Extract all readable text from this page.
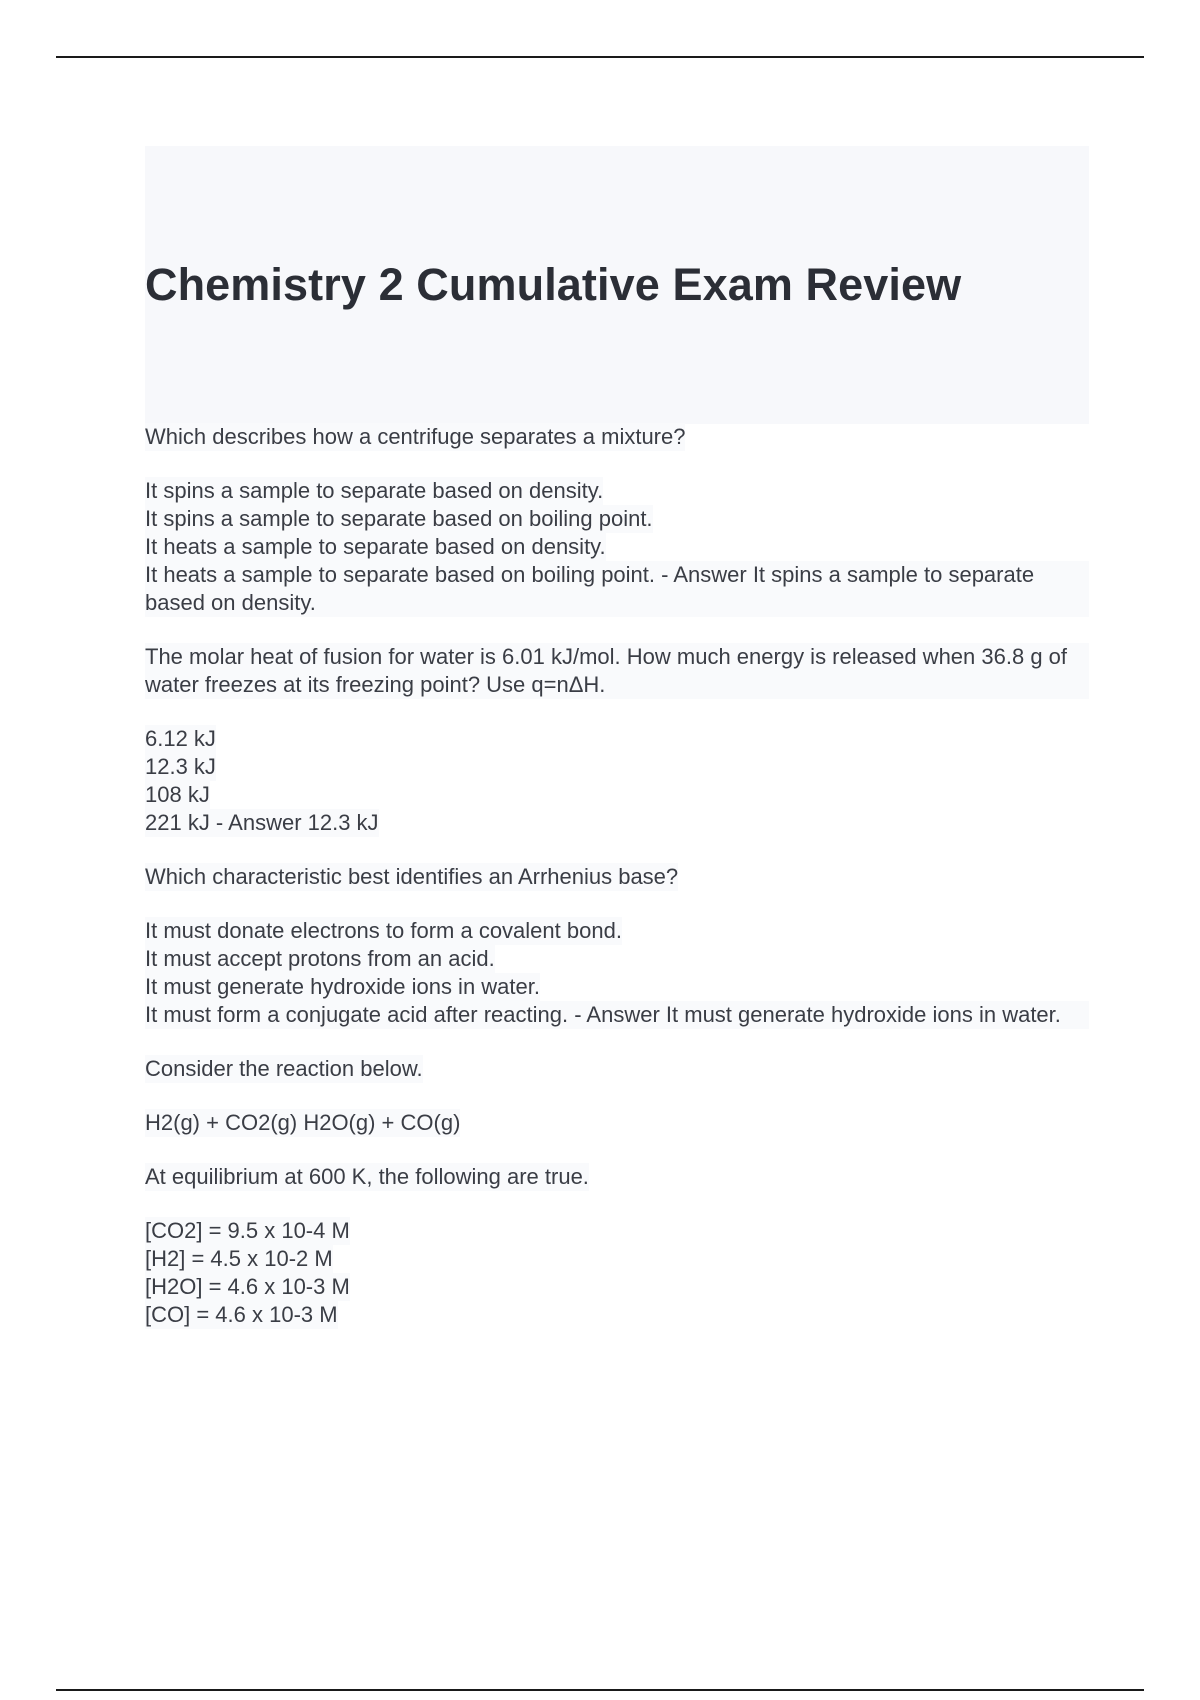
Chemistry 2 Cumulative Exam Review
Which describes how a centrifuge separates a mixture?
It spins a sample to separate based on density.
It spins a sample to separate based on boiling point.
It heats a sample to separate based on density.
It heats a sample to separate based on boiling point. - Answer It spins a sample to separate based on density.
The molar heat of fusion for water is 6.01 kJ/mol. How much energy is released when 36.8 g of water freezes at its freezing point? Use q=nΔH.
6.12 kJ
12.3 kJ
108 kJ
221 kJ - Answer 12.3 kJ
Which characteristic best identifies an Arrhenius base?
It must donate electrons to form a covalent bond.
It must accept protons from an acid.
It must generate hydroxide ions in water.
It must form a conjugate acid after reacting. - Answer It must generate hydroxide ions in water.
Consider the reaction below.
H2(g) + CO2(g) H2O(g) + CO(g)
At equilibrium at 600 K, the following are true.
[CO2] = 9.5 x 10-4 M
[H2] = 4.5 x 10-2 M
[H2O] = 4.6 x 10-3 M
[CO] = 4.6 x 10-3 M
